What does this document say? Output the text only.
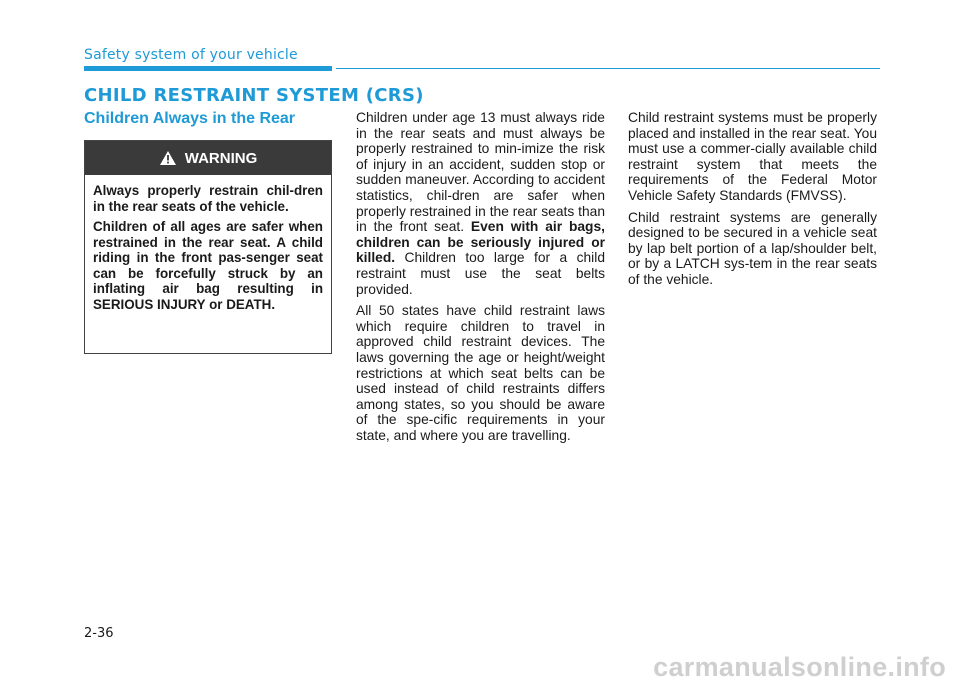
Safety system of your vehicle
CHILD RESTRAINT SYSTEM (CRS)
Children Always in the Rear
WARNING

Always properly restrain chil-dren in the rear seats of the vehicle.

Children of all ages are safer when restrained in the rear seat. A child riding in the front pas-senger seat can be forcefully struck by an inflating air bag resulting in SERIOUS INJURY or DEATH.

Children under age 13 must always ride in the rear seats and must always be properly restrained to min-imize the risk of injury in an accident, sudden stop or sudden maneuver. According to accident statistics, chil-dren are safer when properly restrained in the rear seats than in the front seat. Even with air bags, children can be seriously injured or killed. Children too large for a child restraint must use the seat belts provided.

All 50 states have child restraint laws which require children to travel in approved child restraint devices. The laws governing the age or height/weight restrictions at which seat belts can be used instead of child restraints differs among states, so you should be aware of the spe-cific requirements in your state, and where you are travelling.

Child restraint systems must be properly placed and installed in the rear seat. You must use a commer-cially available child restraint system that meets the requirements of the Federal Motor Vehicle Safety Standards (FMVSS).

Child restraint systems are generally designed to be secured in a vehicle seat by lap belt portion of a lap/shoulder belt, or by a LATCH sys-tem in the rear seats of the vehicle.

2-36
carmanualsonline.info
